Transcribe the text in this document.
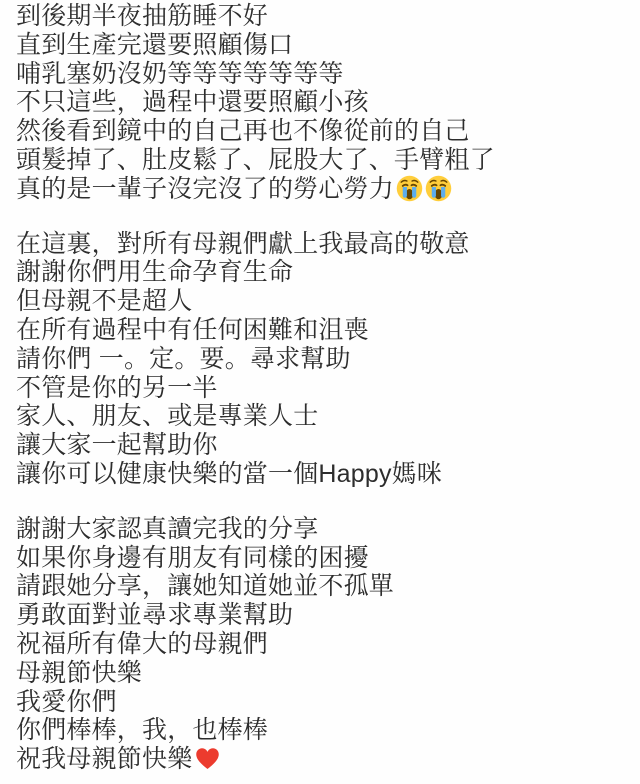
到後期半夜抽筋睡不好
直到生產完還要照顧傷口
哺乳塞奶沒奶等等等等等等等
不只這些，過程中還要照顧小孩
然後看到鏡中的自己再也不像從前的自己
頭髮掉了、肚皮鬆了、屁股大了、手臂粗了
真的是一輩子沒完沒了的勞心勞力
在這裏，對所有母親們獻上我最高的敬意
謝謝你們用生命孕育生命
但母親不是超人
在所有過程中有任何困難和沮喪
請你們 一。定。要。尋求幫助
不管是你的另一半
家人、朋友、或是專業人士
讓大家一起幫助你
讓你可以健康快樂的當一個Happy媽咪
謝謝大家認真讀完我的分享
如果你身邊有朋友有同樣的困擾
請跟她分享，讓她知道她並不孤單
勇敢面對並尋求專業幫助
祝福所有偉大的母親們
母親節快樂
我愛你們
你們棒棒，我，也棒棒
祝我母親節快樂
